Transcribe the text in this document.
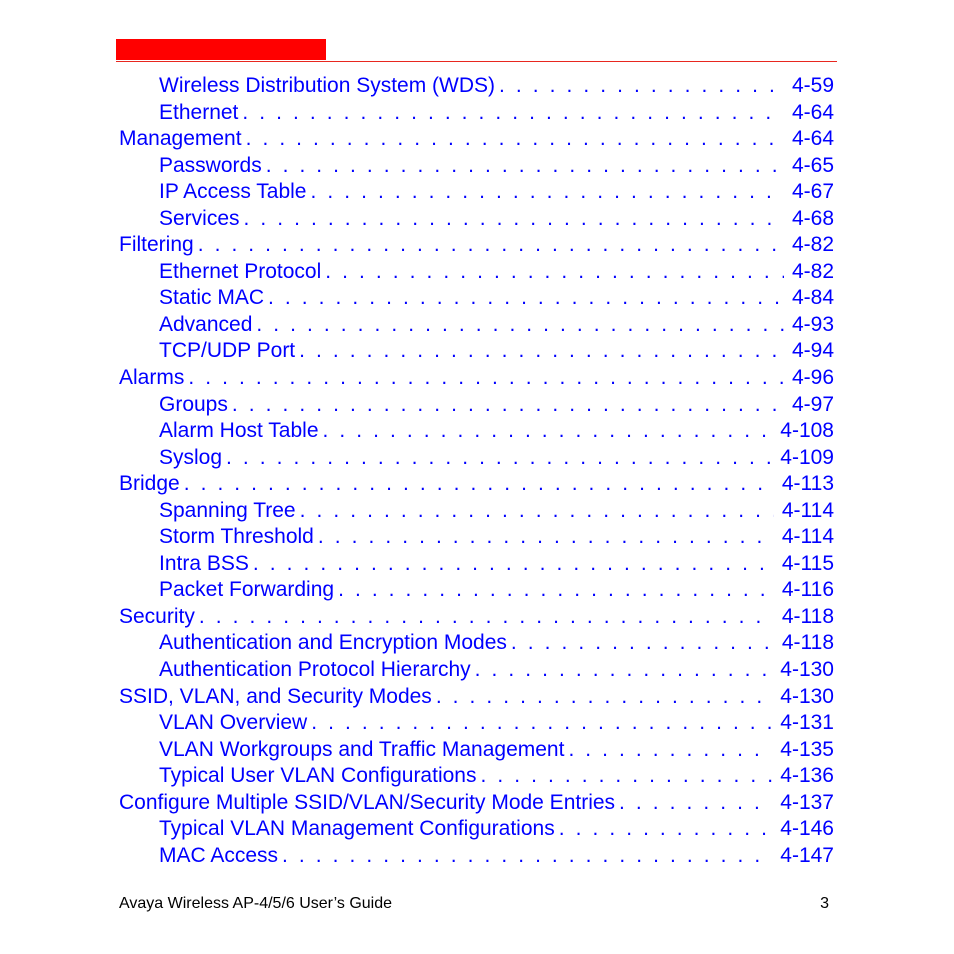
Wireless Distribution System (WDS) . . .	4-59
Ethernet . . .	4-64
Management . . .	4-64
Passwords . . .	4-65
IP Access Table . . .	4-67
Services . . .	4-68
Filtering . . .	4-82
Ethernet Protocol . . .	4-82
Static MAC . . .	4-84
Advanced . . .	4-93
TCP/UDP Port . . .	4-94
Alarms . . .	4-96
Groups . . .	4-97
Alarm Host Table . . .	4-108
Syslog . . .	4-109
Bridge . . .	4-113
Spanning Tree . . .	4-114
Storm Threshold . . .	4-114
Intra BSS . . .	4-115
Packet Forwarding . . .	4-116
Security . . .	4-118
Authentication and Encryption Modes . . .	4-118
Authentication Protocol Hierarchy . . .	4-130
SSID, VLAN, and Security Modes . . .	4-130
VLAN Overview . . .	4-131
VLAN Workgroups and Traffic Management . . .	4-135
Typical User VLAN Configurations . . .	4-136
Configure Multiple SSID/VLAN/Security Mode Entries . . .	4-137
Typical VLAN Management Configurations . . .	4-146
MAC Access . . .	4-147
Avaya Wireless AP-4/5/6 User’s Guide	3
